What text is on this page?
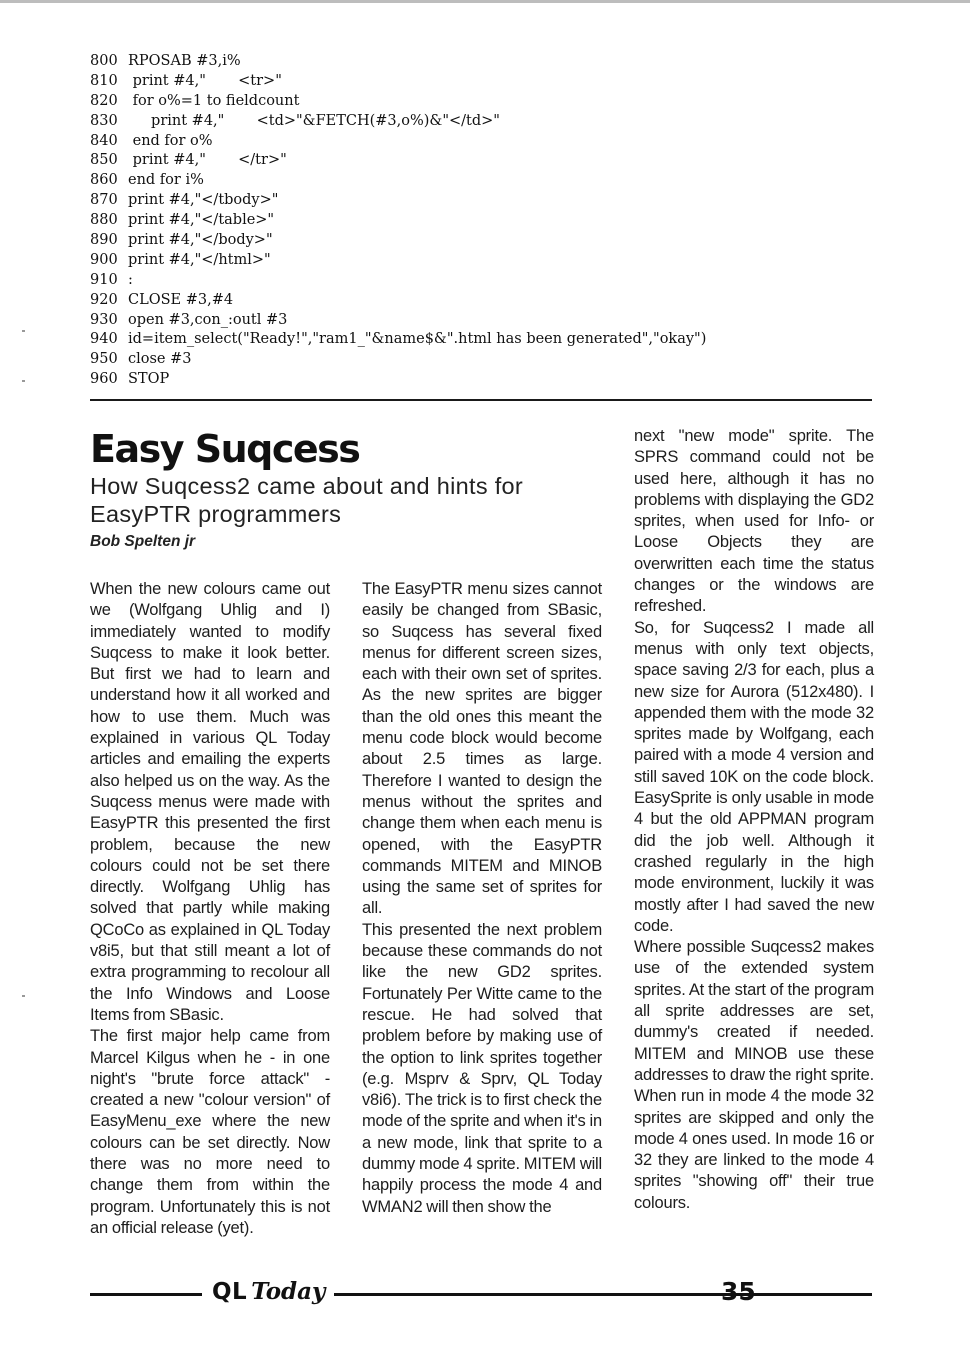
800 RPOSAB #3,i%
810 print #4,"       <tr>"
820 for o%=1 to fieldcount
830     print #4,"       <td>"&FETCH(#3,o%)&"</td>"
840 end for o%
850 print #4,"       </tr>"
860 end for i%
870 print #4,"</tbody>"
880 print #4,"</table>"
890 print #4,"</body>"
900 print #4,"</html>"
910 :
920 CLOSE #3,#4
930 open #3,con_:outl #3
940 id=item_select("Ready!","ram1_"&name$&".html has been generated","okay")
950 close #3
960 STOP
Easy Suqcess
How Suqcess2 came about and hints for EasyPTR programmers
Bob Spelten jr

When the new colours came out we (Wolfgang Uhlig and I) immediately wanted to modify Suqcess to make it look better. But first we had to learn and understand how it all worked and how to use them. Much was explained in various QL Today articles and emailing the experts also helped us on the way. As the Suqcess menus were made with EasyPTR this presented the first problem, because the new colours could not be set there directly. Wolfgang Uhlig has solved that partly while making QCoCo as explained in QL Today v8i5, but that still meant a lot of extra programming to recolour all the Info Windows and Loose Items from SBasic.

The first major help came from Marcel Kilgus when he - in one night's "brute force attack" - created a new "colour version" of EasyMenu_exe where the new colours can be set directly. Now there was no more need to change them from within the program. Unfortunately this is not an official release (yet).

The EasyPTR menu sizes cannot easily be changed from SBasic, so Suqcess has several fixed menus for different screen sizes, each with their own set of sprites. As the new sprites are bigger than the old ones this meant the menu code block would become about 2.5 times as large. Therefore I wanted to design the menus without the sprites and change them when each menu is opened, with the EasyPTR commands MITEM and MINOB using the same set of sprites for all.

This presented the next problem because these commands do not like the new GD2 sprites. Fortunately Per Witte came to the rescue. He had solved that problem before by making use of the option to link sprites together (e.g. Msprv & Sprv, QL Today v8i6). The trick is to first check the mode of the sprite and when it's in a new mode, link that sprite to a dummy mode 4 sprite. MITEM will happily process the mode 4 and WMAN2 will then show the

next "new mode" sprite. The SPRS command could not be used here, although it has no problems with displaying the GD2 sprites, when used for Info- or Loose Objects they are overwritten each time the status changes or the windows are refreshed.

So, for Suqcess2 I made all menus with only text objects, space saving 2/3 for each, plus a new size for Aurora (512x480). I appended them with the mode 32 sprites made by Wolfgang, each paired with a mode 4 version and still saved 10K on the code block. EasySprite is only usable in mode 4 but the old APPMAN program did the job well. Although it crashed regularly in the high mode environment, luckily it was mostly after I had saved the new code.

Where possible Suqcess2 makes use of the extended system sprites. At the start of the program all sprite addresses are set, dummy's created if needed. MITEM and MINOB use these addresses to draw the right sprite. When run in mode 4 the mode 32 sprites are skipped and only the mode 4 ones used. In mode 16 or 32 they are linked to the mode 4 sprites "showing off" their true colours.

QL Today	35
